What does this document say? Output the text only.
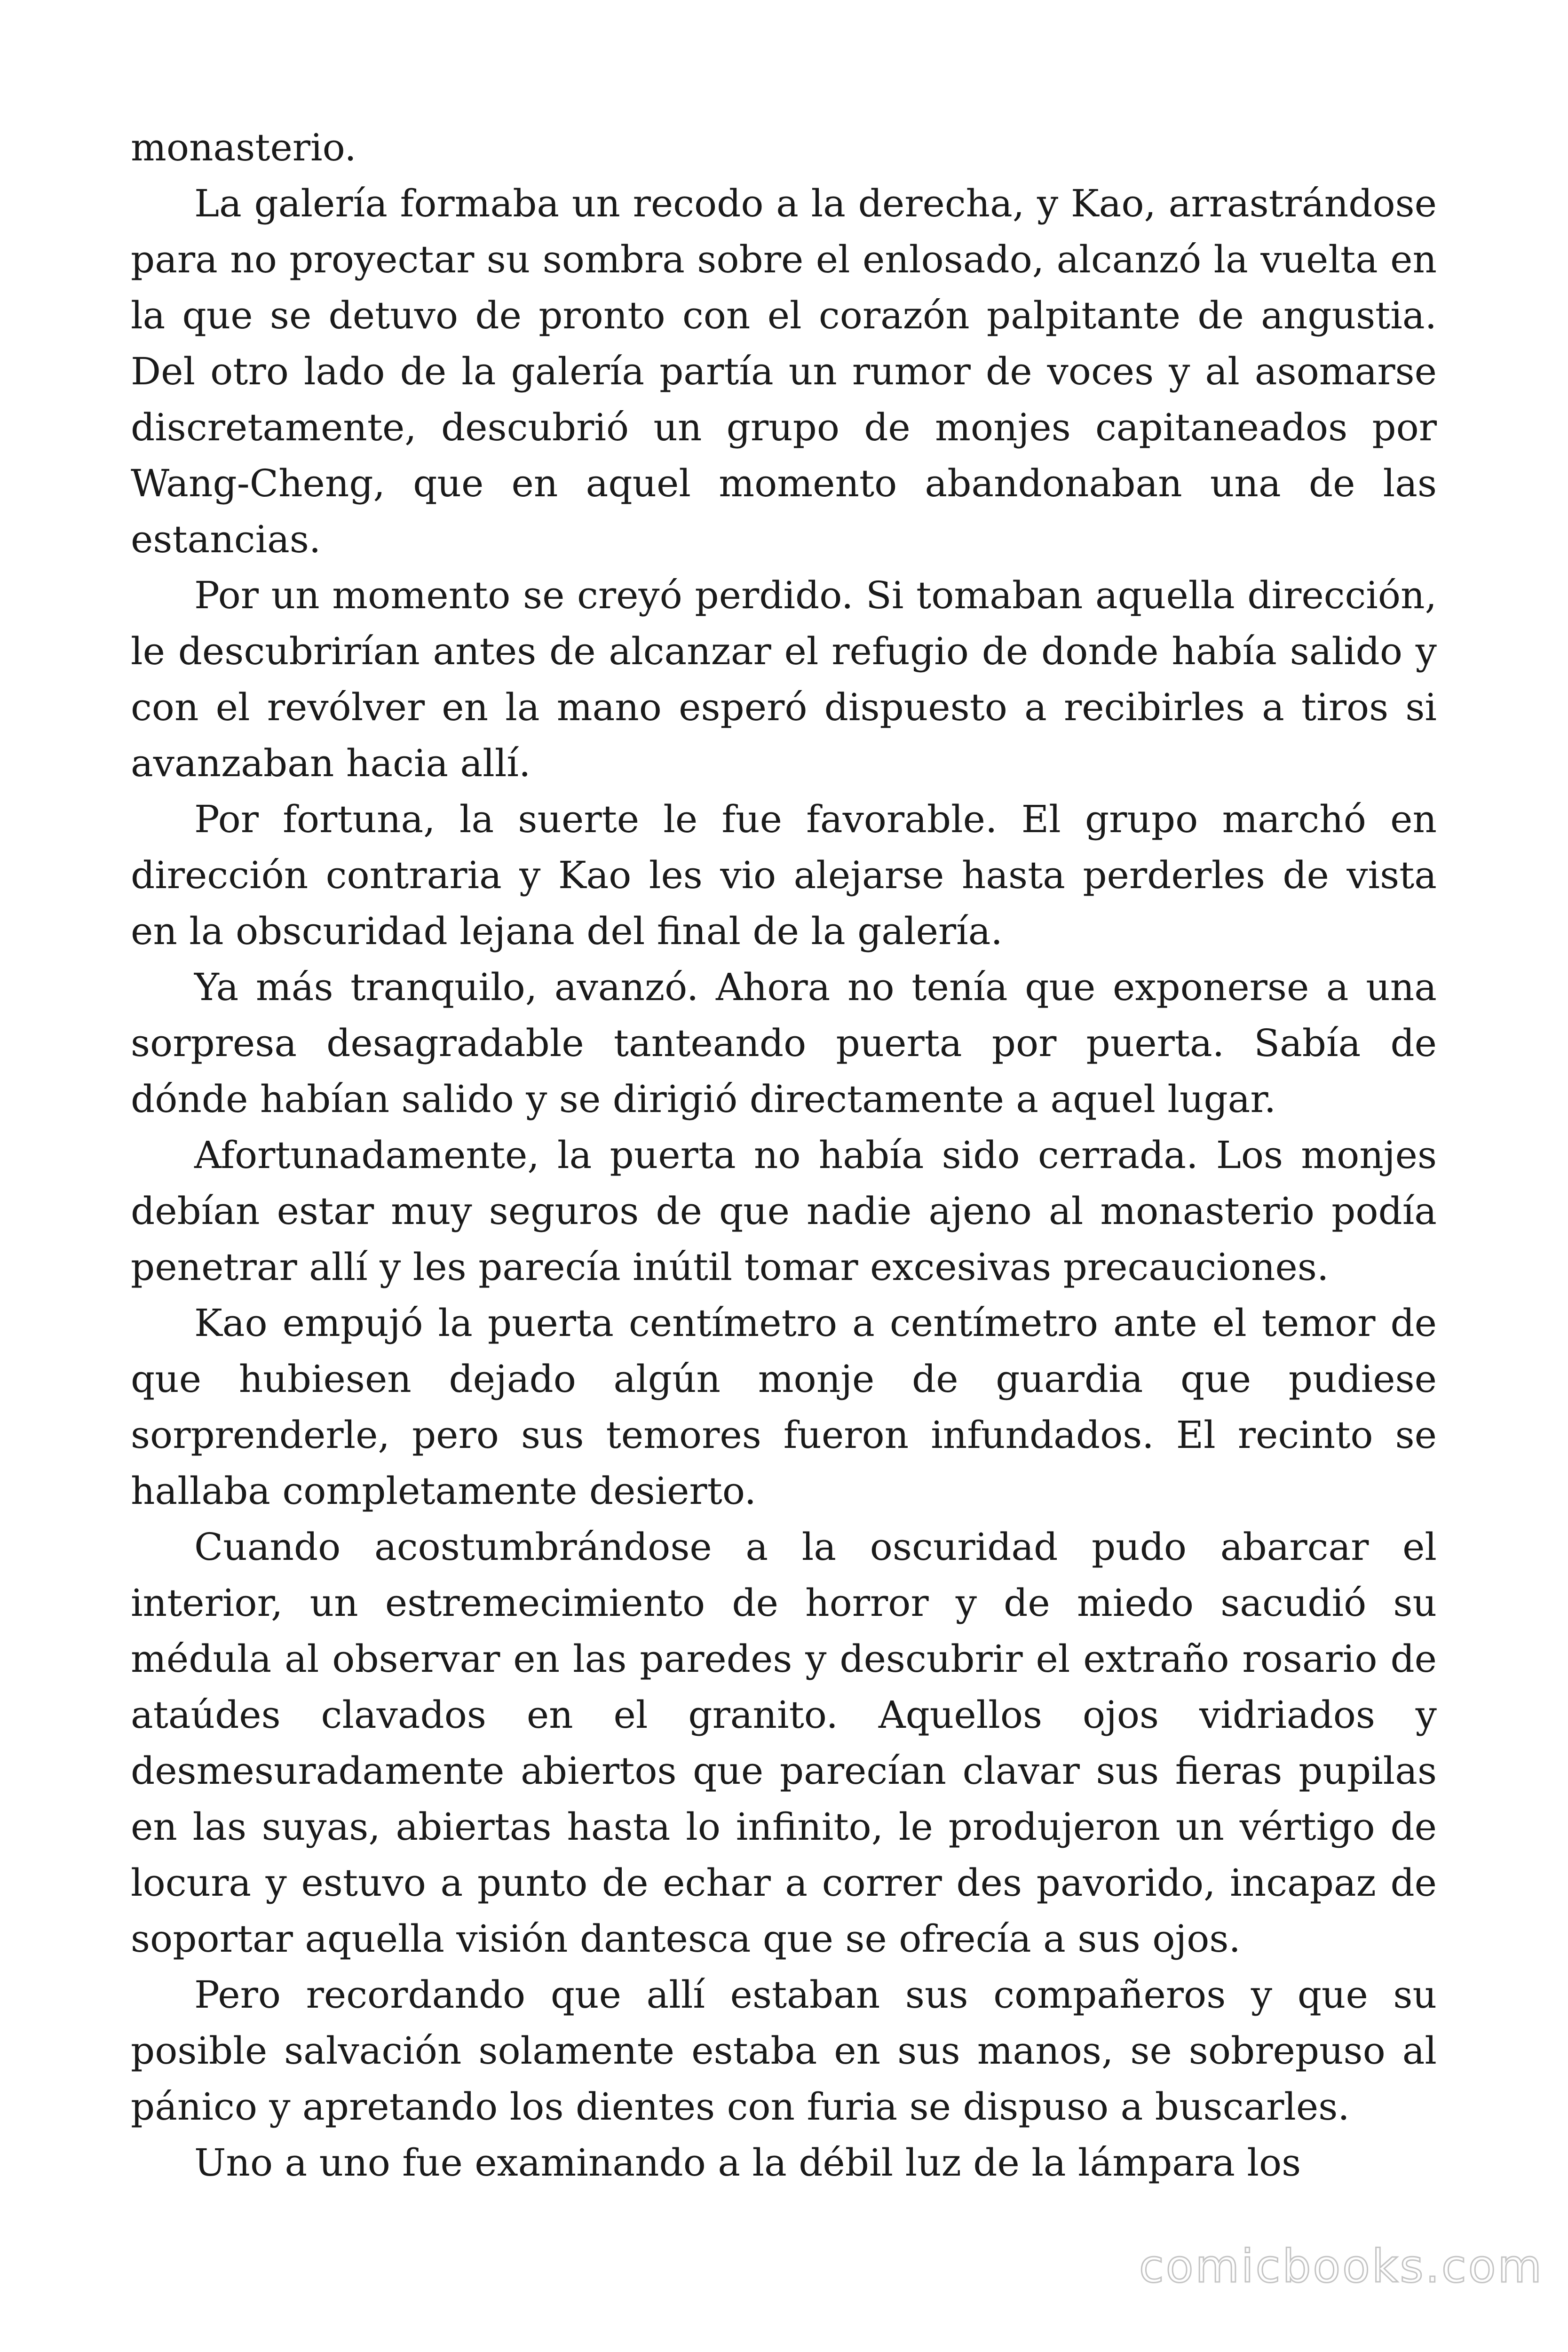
monasterio.

La galería formaba un recodo a la derecha, y Kao, arrastrándose para no proyectar su sombra sobre el enlosado, alcanzó la vuelta en la que se detuvo de pronto con el corazón palpitante de angustia. Del otro lado de la galería partía un rumor de voces y al asomarse discretamente, descubrió un grupo de monjes capitaneados por Wang-Cheng, que en aquel momento abandonaban una de las estancias.

Por un momento se creyó perdido. Si tomaban aquella dirección, le descubrirían antes de alcanzar el refugio de donde había salido y con el revólver en la mano esperó dispuesto a recibirles a tiros si avanzaban hacia allí.

Por fortuna, la suerte le fue favorable. El grupo marchó en dirección contraria y Kao les vio alejarse hasta perderles de vista en la obscuridad lejana del final de la galería.

Ya más tranquilo, avanzó. Ahora no tenía que exponerse a una sorpresa desagradable tanteando puerta por puerta. Sabía de dónde habían salido y se dirigió directamente a aquel lugar.

Afortunadamente, la puerta no había sido cerrada. Los monjes debían estar muy seguros de que nadie ajeno al monasterio podía penetrar allí y les parecía inútil tomar excesivas precauciones.

Kao empujó la puerta centímetro a centímetro ante el temor de que hubiesen dejado algún monje de guardia que pudiese sorprenderle, pero sus temores fueron infundados. El recinto se hallaba completamente desierto.

Cuando acostumbrándose a la oscuridad pudo abarcar el interior, un estremecimiento de horror y de miedo sacudió su médula al observar en las paredes y descubrir el extraño rosario de ataúdes clavados en el granito. Aquellos ojos vidriados y desmesuradamente abiertos que parecían clavar sus fieras pupilas en las suyas, abiertas hasta lo infinito, le produjeron un vértigo de locura y estuvo a punto de echar a correr des pavorido, incapaz de soportar aquella visión dantesca que se ofrecía a sus ojos.

Pero recordando que allí estaban sus compañeros y que su posible salvación solamente estaba en sus manos, se sobrepuso al pánico y apretando los dientes con furia se dispuso a buscarles.

Uno a uno fue examinando a la débil luz de la lámpara los

comicbooks.com
